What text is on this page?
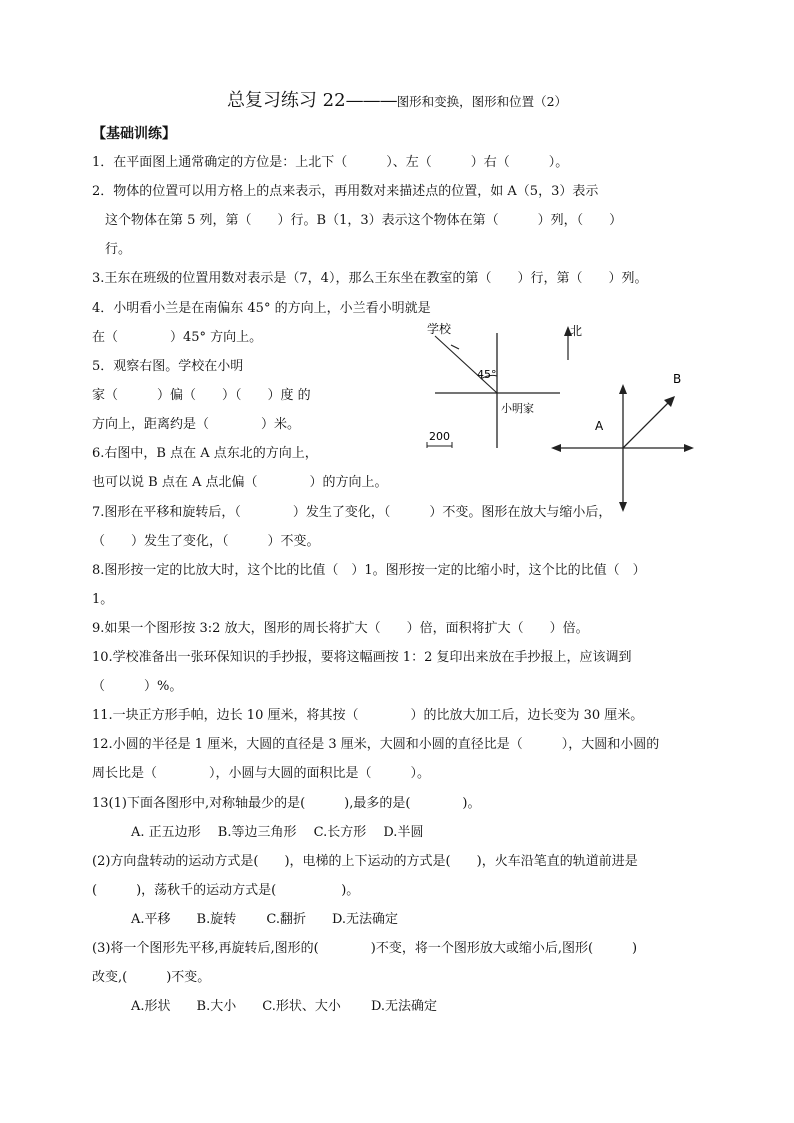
总复习练习 22———图形和变换，图形和位置（2）
【基础训练】
1．在平面图上通常确定的方位是：上北下（　　　）、左（　　　）右（　　　）。
2．物体的位置可以用方格上的点来表示，再用数对来描述点的位置，如 A（5，3）表示
　这个物体在第 5 列，第（　　）行。B（1，3）表示这个物体在第（　　　）列，（　　）
　行。
3.王东在班级的位置用数对表示是（7，4），那么王东坐在教室的第（　　）行，第（　　）列。
4．小明看小兰是在南偏东 45° 的方向上，小兰看小明就是
在（　　　　）45° 方向上。
5．观察右图。学校在小明
家（　　　）偏（　　）（　　）度 的
方向上，距离约是（　　　　）米。
6.右图中，B 点在 A 点东北的方向上，
也可以说 B 点在 A 点北偏（　　　　）的方向上。
7.图形在平移和旋转后，（　　　　）发生了变化，（　　　）不变。图形在放大与缩小后，
（　　）发生了变化，（　　　）不变。
8.图形按一定的比放大时，这个比的比值（　）1。图形按一定的比缩小时，这个比的比值（　）
1。
9.如果一个图形按 3:2 放大，图形的周长将扩大（　　）倍，面积将扩大（　　）倍。
10.学校准备出一张环保知识的手抄报，要将这幅画按 1：2 复印出来放在手抄报上，应该调到
（　　　）%。
11.一块正方形手帕，边长 10 厘米，将其按（　　　　）的比放大加工后，边长变为 30 厘米。
12.小圆的半径是 1 厘米，大圆的直径是 3 厘米，大圆和小圆的直径比是（　　　），大圆和小圆的
周长比是（　　　　），小圆与大圆的面积比是（　　　）。
13(1)下面各图形中,对称轴最少的是(　　　),最多的是(　　　　)。
　　　A. 正五边形　 B.等边三角形　 C.长方形　 D.半圆
(2)方向盘转动的运动方式是(　　)，电梯的上下运动的方式是(　　)，火车沿笔直的轨道前进是
(　　　)，荡秋千的运动方式是(　　　　　)。
　　　A.平移　　B.旋转　　 C.翻折　　D.无法确定
(3)将一个图形先平移,再旋转后,图形的(　　　　)不变，将一个图形放大或缩小后,图形(　　　)
改变,(　　　)不变。
　　　A.形状　　B.大小　　C.形状、大小　　 D.无法确定
学校
45°
小明家
200
北
A
B
